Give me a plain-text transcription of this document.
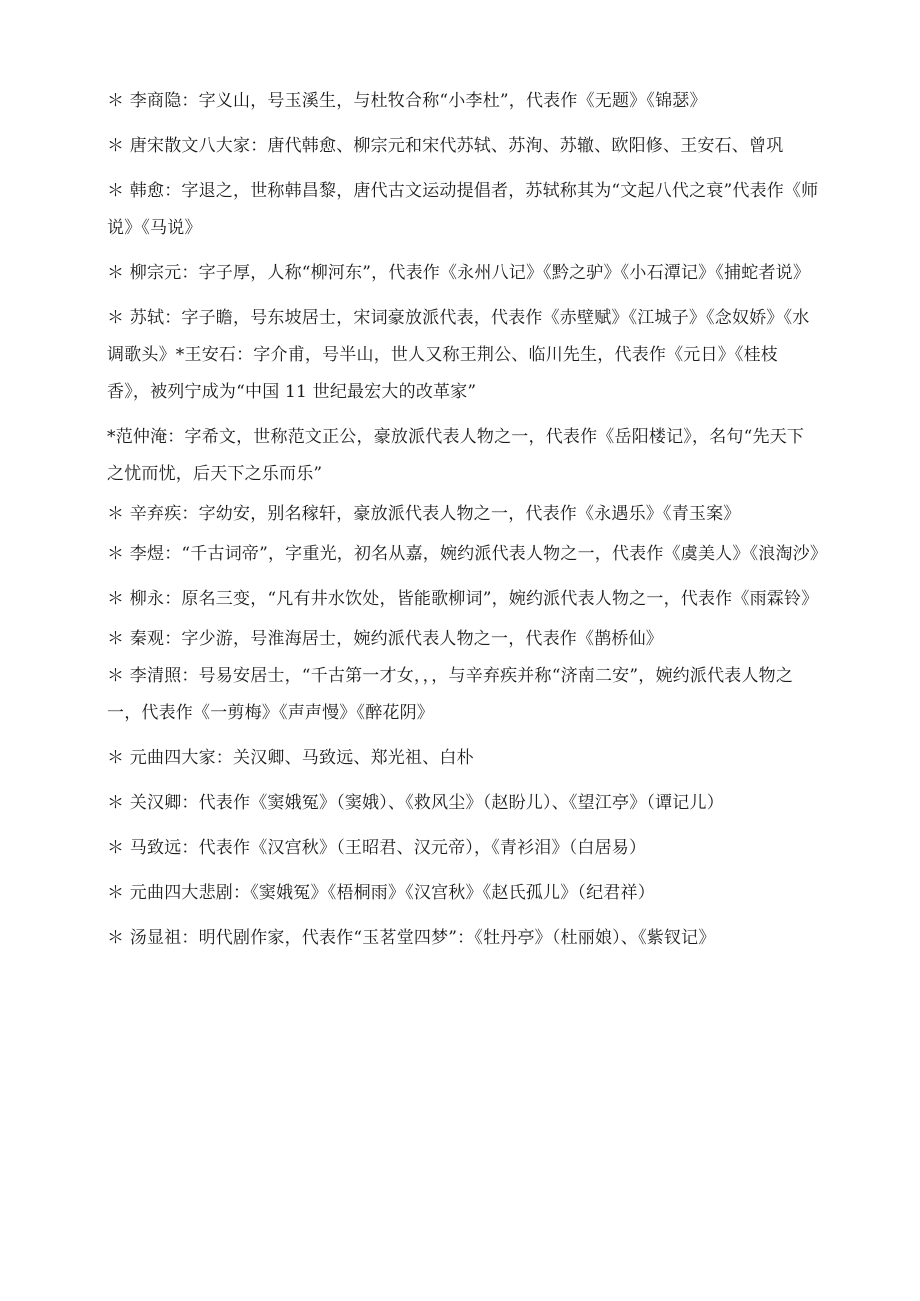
＊ 李商隐：字义山，号玉溪生，与杜牧合称“小李杜”，代表作《无题》《锦瑟》

＊ 唐宋散文八大家：唐代韩愈、柳宗元和宋代苏轼、苏洵、苏辙、欧阳修、王安石、曾巩

＊ 韩愈：字退之，世称韩昌黎，唐代古文运动提倡者，苏轼称其为“文起八代之衰”代表作《师说》《马说》

＊ 柳宗元：字子厚，人称“柳河东”，代表作《永州八记》《黔之驴》《小石潭记》《捕蛇者说》

＊ 苏轼：字子瞻，号东坡居士，宋词豪放派代表，代表作《赤壁赋》《江城子》《念奴娇》《水调歌头》*王安石：字介甫，号半山，世人又称王荆公、临川先生，代表作《元日》《桂枝香》，被列宁成为“中国 11 世纪最宏大的改革家”

*范仲淹：字希文，世称范文正公，豪放派代表人物之一，代表作《岳阳楼记》，名句“先天下之忧而忧，后天下之乐而乐”

＊ 辛弃疾：字幼安，别名稼轩，豪放派代表人物之一，代表作《永遇乐》《青玉案》

＊ 李煜：“千古词帝”，字重光，初名从嘉，婉约派代表人物之一，代表作《虞美人》《浪淘沙》

＊ 柳永：原名三变，“凡有井水饮处，皆能歌柳词”，婉约派代表人物之一，代表作《雨霖铃》

＊ 秦观：字少游，号淮海居士，婉约派代表人物之一，代表作《鹊桥仙》

＊ 李清照：号易安居士，“千古第一才女，，，与辛弃疾并称“济南二安”，婉约派代表人物之一，代表作《一剪梅》《声声慢》《醉花阴》

＊ 元曲四大家：关汉卿、马致远、郑光祖、白朴

＊ 关汉卿：代表作《窦娥冤》（窦娥）、《救风尘》（赵盼儿）、《望江亭》（谭记儿）

＊ 马致远：代表作《汉宫秋》（王昭君、汉元帝），《青衫泪》（白居易）

＊ 元曲四大悲剧：《窦娥冤》《梧桐雨》《汉宫秋》《赵氏孤儿》（纪君祥）

＊ 汤显祖：明代剧作家，代表作“玉茗堂四梦”：《牡丹亭》（杜丽娘）、《紫钗记》
